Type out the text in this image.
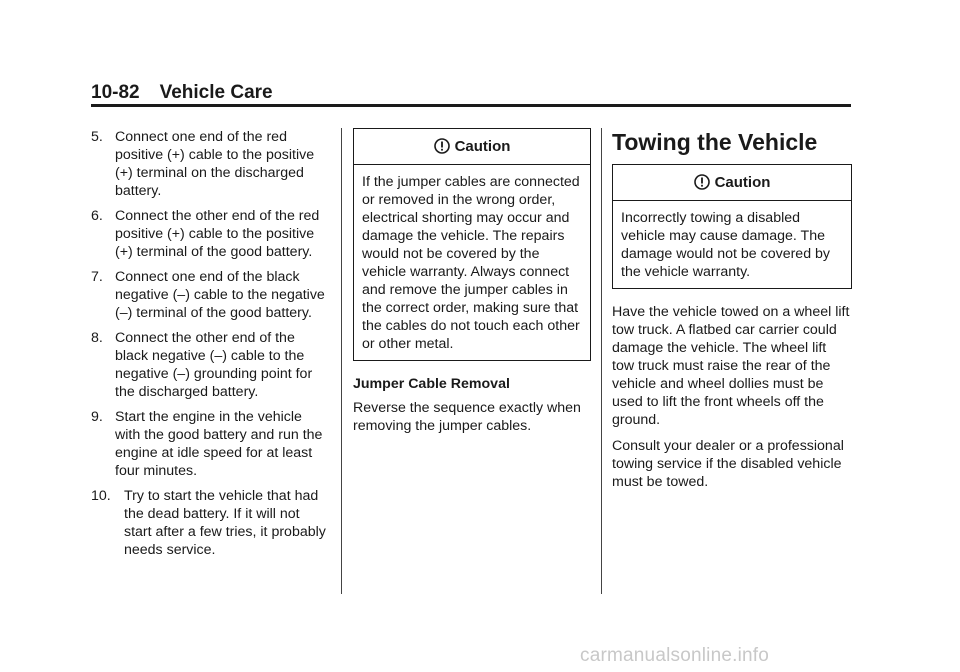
10-82 Vehicle Care
5. Connect one end of the red positive (+) cable to the positive (+) terminal on the discharged battery.
6. Connect the other end of the red positive (+) cable to the positive (+) terminal of the good battery.
7. Connect one end of the black negative (–) cable to the negative (–) terminal of the good battery.
8. Connect the other end of the black negative (–) cable to the negative (–) grounding point for the discharged battery.
9. Start the engine in the vehicle with the good battery and run the engine at idle speed for at least four minutes.
10. Try to start the vehicle that had the dead battery. If it will not start after a few tries, it probably needs service.
Caution
If the jumper cables are connected or removed in the wrong order, electrical shorting may occur and damage the vehicle. The repairs would not be covered by the vehicle warranty. Always connect and remove the jumper cables in the correct order, making sure that the cables do not touch each other or other metal.
Jumper Cable Removal
Reverse the sequence exactly when removing the jumper cables.
Towing the Vehicle
Caution
Incorrectly towing a disabled vehicle may cause damage. The damage would not be covered by the vehicle warranty.
Have the vehicle towed on a wheel lift tow truck. A flatbed car carrier could damage the vehicle. The wheel lift tow truck must raise the rear of the vehicle and wheel dollies must be used to lift the front wheels off the ground.
Consult your dealer or a professional towing service if the disabled vehicle must be towed.
carmanualsonline.info
